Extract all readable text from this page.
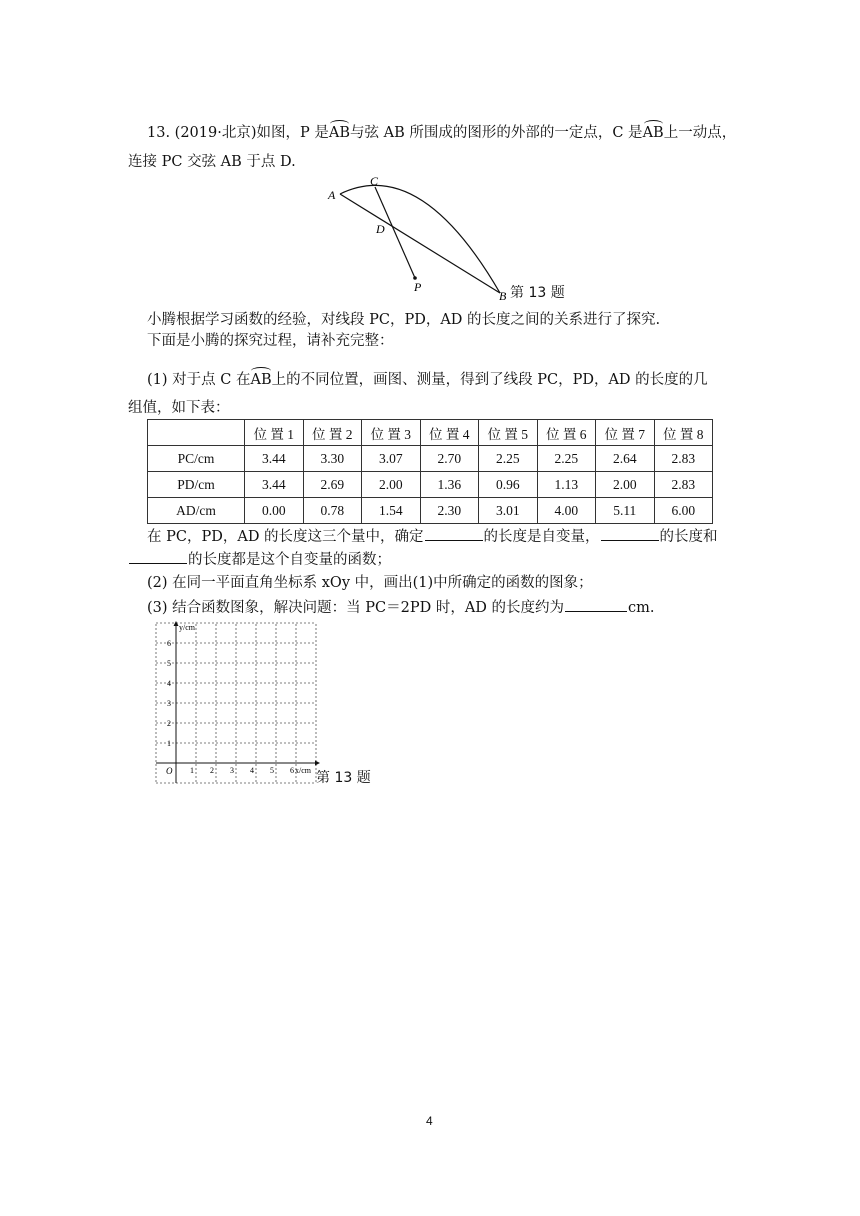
13. (2019·北京)如图，P 是AB与弦 AB 所围成的图形的外部的一定点，C 是AB上一动点，
连接 PC 交弦 AB 于点 D.
A
C
D
P
B 第 13 题
小腾根据学习函数的经验，对线段 PC，PD，AD 的长度之间的关系进行了探究.
下面是小腾的探究过程，请补充完整：
(1) 对于点 C 在AB上的不同位置，画图、测量，得到了线段 PC，PD，AD 的长度的几
组值，如下表：
	位 置 1	位 置 2	位 置 3	位 置 4	位 置 5	位 置 6	位 置 7	位 置 8
PC/cm	3.44	3.30	3.07	2.70	2.25	2.25	2.64	2.83
PD/cm	3.44	2.69	2.00	1.36	0.96	1.13	2.00	2.83
AD/cm	0.00	0.78	1.54	2.30	3.01	4.00	5.11	6.00
在 PC，PD，AD 的长度这三个量中，确定	的长度是自变量，	的长度和
的长度都是这个自变量的函数；
(2) 在同一平面直角坐标系 xOy 中，画出(1)中所确定的函数的图象；
(3) 结合函数图象，解决问题：当 PC＝2PD 时，AD 的长度约为	cm.
y/cm
x/cm
O 1 2 3 4 5 6
1
2
3
4
5
6
第 13 题
4
